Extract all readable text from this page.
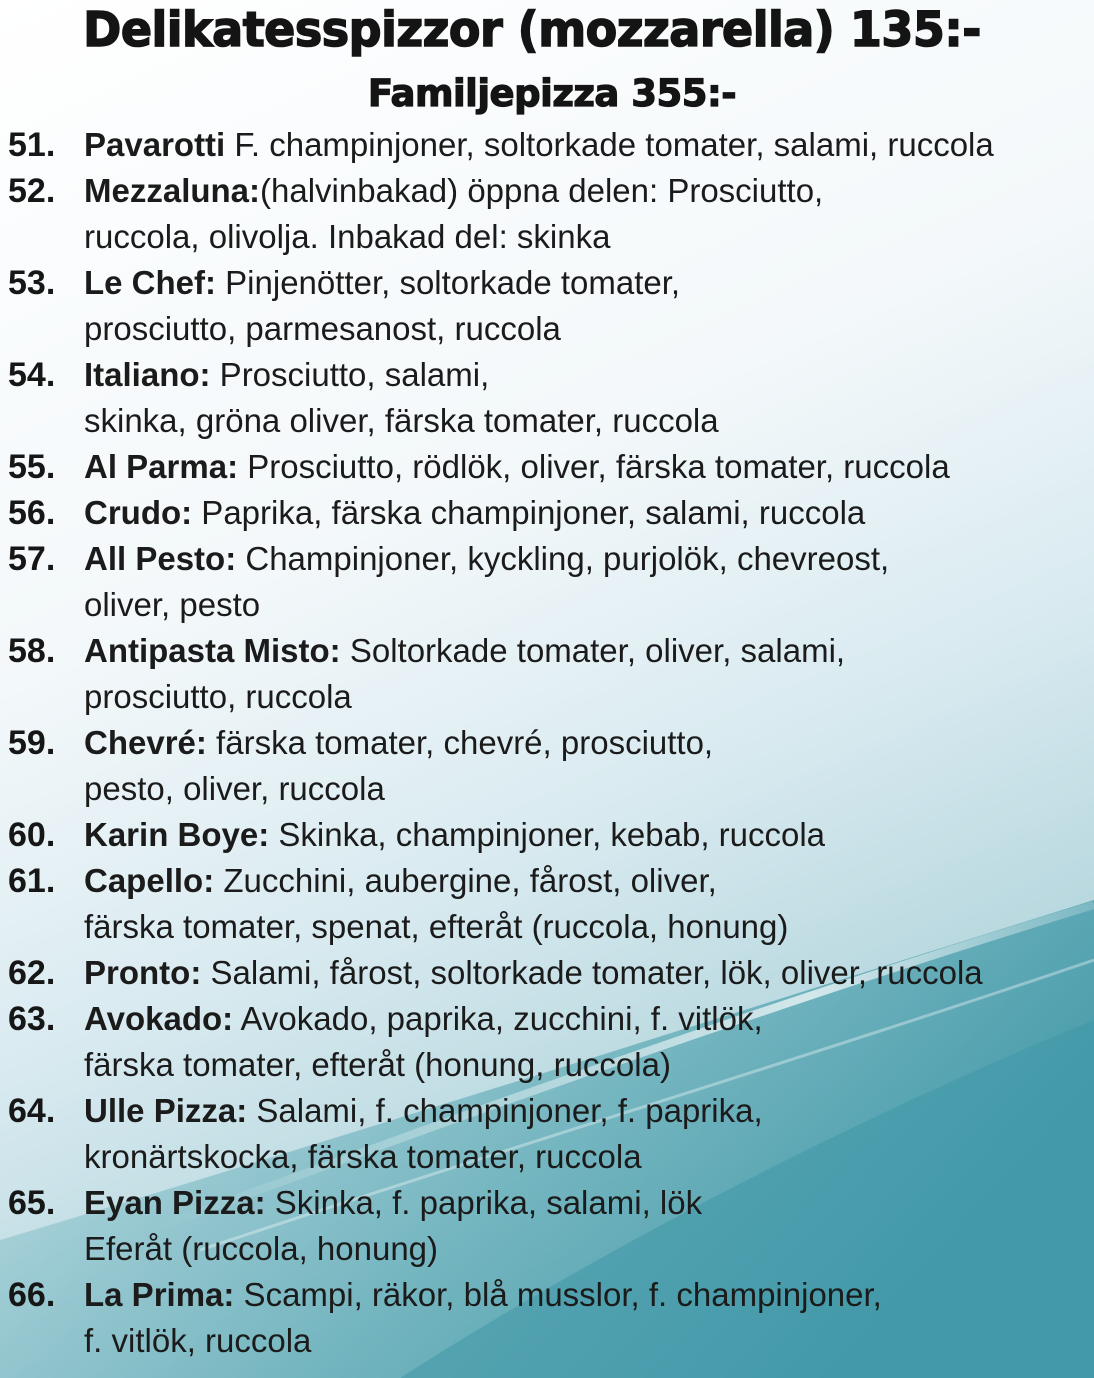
Delikatesspizzor (mozzarella) 135:-
Familjepizza 355:-
51. Pavarotti F. champinjoner, soltorkade tomater, salami, ruccola
52. Mezzaluna:(halvinbakad) öppna delen: Prosciutto,
ruccola, olivolja. Inbakad del: skinka
53. Le Chef: Pinjenötter, soltorkade tomater,
prosciutto, parmesanost, ruccola
54. Italiano: Prosciutto, salami,
skinka, gröna oliver, färska tomater, ruccola
55. Al Parma: Prosciutto, rödlök, oliver, färska tomater, ruccola
56. Crudo: Paprika, färska champinjoner, salami, ruccola
57. All Pesto: Champinjoner, kyckling, purjolök, chevreost,
oliver, pesto
58. Antipasta Misto: Soltorkade tomater, oliver, salami,
prosciutto, ruccola
59. Chevré: färska tomater, chevré, prosciutto,
pesto, oliver, ruccola
60. Karin Boye: Skinka, champinjoner, kebab, ruccola
61. Capello: Zucchini, aubergine, fårost, oliver,
färska tomater, spenat, efteråt (ruccola, honung)
62. Pronto: Salami, fårost, soltorkade tomater, lök, oliver, ruccola
63. Avokado: Avokado, paprika, zucchini, f. vitlök,
färska tomater, efteråt (honung, ruccola)
64. Ulle Pizza: Salami, f. champinjoner, f. paprika,
kronärtskocka, färska tomater, ruccola
65. Eyan Pizza: Skinka, f. paprika, salami, lök
Eferåt (ruccola, honung)
66. La Prima: Scampi, räkor, blå musslor, f. champinjoner,
f. vitlök, ruccola
